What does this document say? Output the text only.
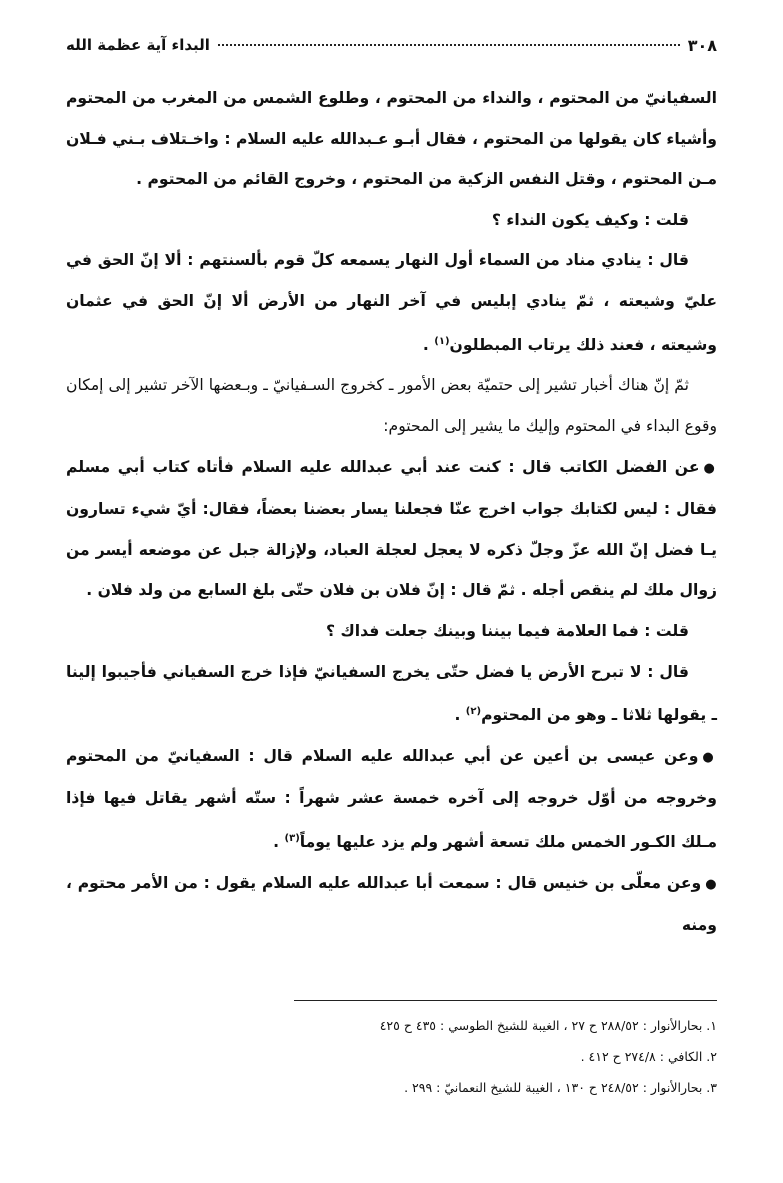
٣٠٨
البداء آية عظمة الله

السفيانيّ من المحتوم ، والنداء من المحتوم ، وطلوع الشمس من المغرب من المحتوم وأشياء كان يقولها من المحتوم ، فقال أبـو عـبدالله عليه السلام : واخـتلاف بـني فـلان مـن المحتوم ، وقتل النفس الزكية من المحتوم ، وخروج القائم من المحتوم .

قلت : وكيف يكون النداء ؟

قال : ينادي مناد من السماء أول النهار يسمعه كلّ قوم بألسنتهم : ألا إنّ الحق في عليّ وشيعته ، ثمّ ينادي إبليس في آخر النهار من الأرض ألا إنّ الحق في عثمان وشيعته ، فعند ذلك يرتاب المبطلون$^{(١)}$ .

ثمّ إنّ هناك أخبار تشير إلى حتميّة بعض الأمور ـ كخروج السـفيانيّ ـ وبـعضها الآخر تشير إلى إمكان وقوع البداء في المحتوم وإليك ما يشير إلى المحتوم:

●عن الفضل الكاتب قال : كنت عند أبي عبدالله عليه السلام فأتاه كتاب أبي مسلم فقال : ليس لكتابك جواب اخرج عنّا فجعلنا يسار بعضنا بعضاً، فقال: أيّ شيء تسارون يـا فضل إنّ الله عزّ وجلّ ذكره لا يعجل لعجلة العباد، ولإزالة جبل عن موضعه أيسر من زوال ملك لم ينقص أجله . ثمّ قال : إنّ فلان بن فلان حتّى بلغ السابع من ولد فلان .

قلت : فما العلامة فيما بيننا وبينك جعلت فداك ؟

قال : لا تبرح الأرض يا فضل حتّى يخرج السفيانيّ فإذا خرج السفياني فأجيبوا إلينا ـ يقولها ثلاثا ـ وهو من المحتوم$^{(٢)}$ .

●وعن عيسى بن أعين عن أبي عبدالله عليه السلام قال : السفيانيّ من المحتوم وخروجه من أوّل خروجه إلى آخره خمسة عشر شهراً : ستّه أشهر يقاتل فيها فإذا مـلك الكـور الخمس ملك تسعة أشهر ولم يزد عليها يوماً$^{(٣)}$ .

●وعن معلّى بن خنيس قال : سمعت أبا عبدالله عليه السلام يقول : من الأمر محتوم ، ومنه

١. بحارالأنوار : ٢٨٨/٥٢ ح ٢٧ ، الغيبة للشيخ الطوسي : ٤٣٥ ح ٤٢٥

٢. الكافي : ٢٧٤/٨ ح ٤١٢ .

٣. بحارالأنوار : ٢٤٨/٥٢ ح ١٣٠ ، الغيبة للشيخ النعمانيّ : ٢٩٩ .
